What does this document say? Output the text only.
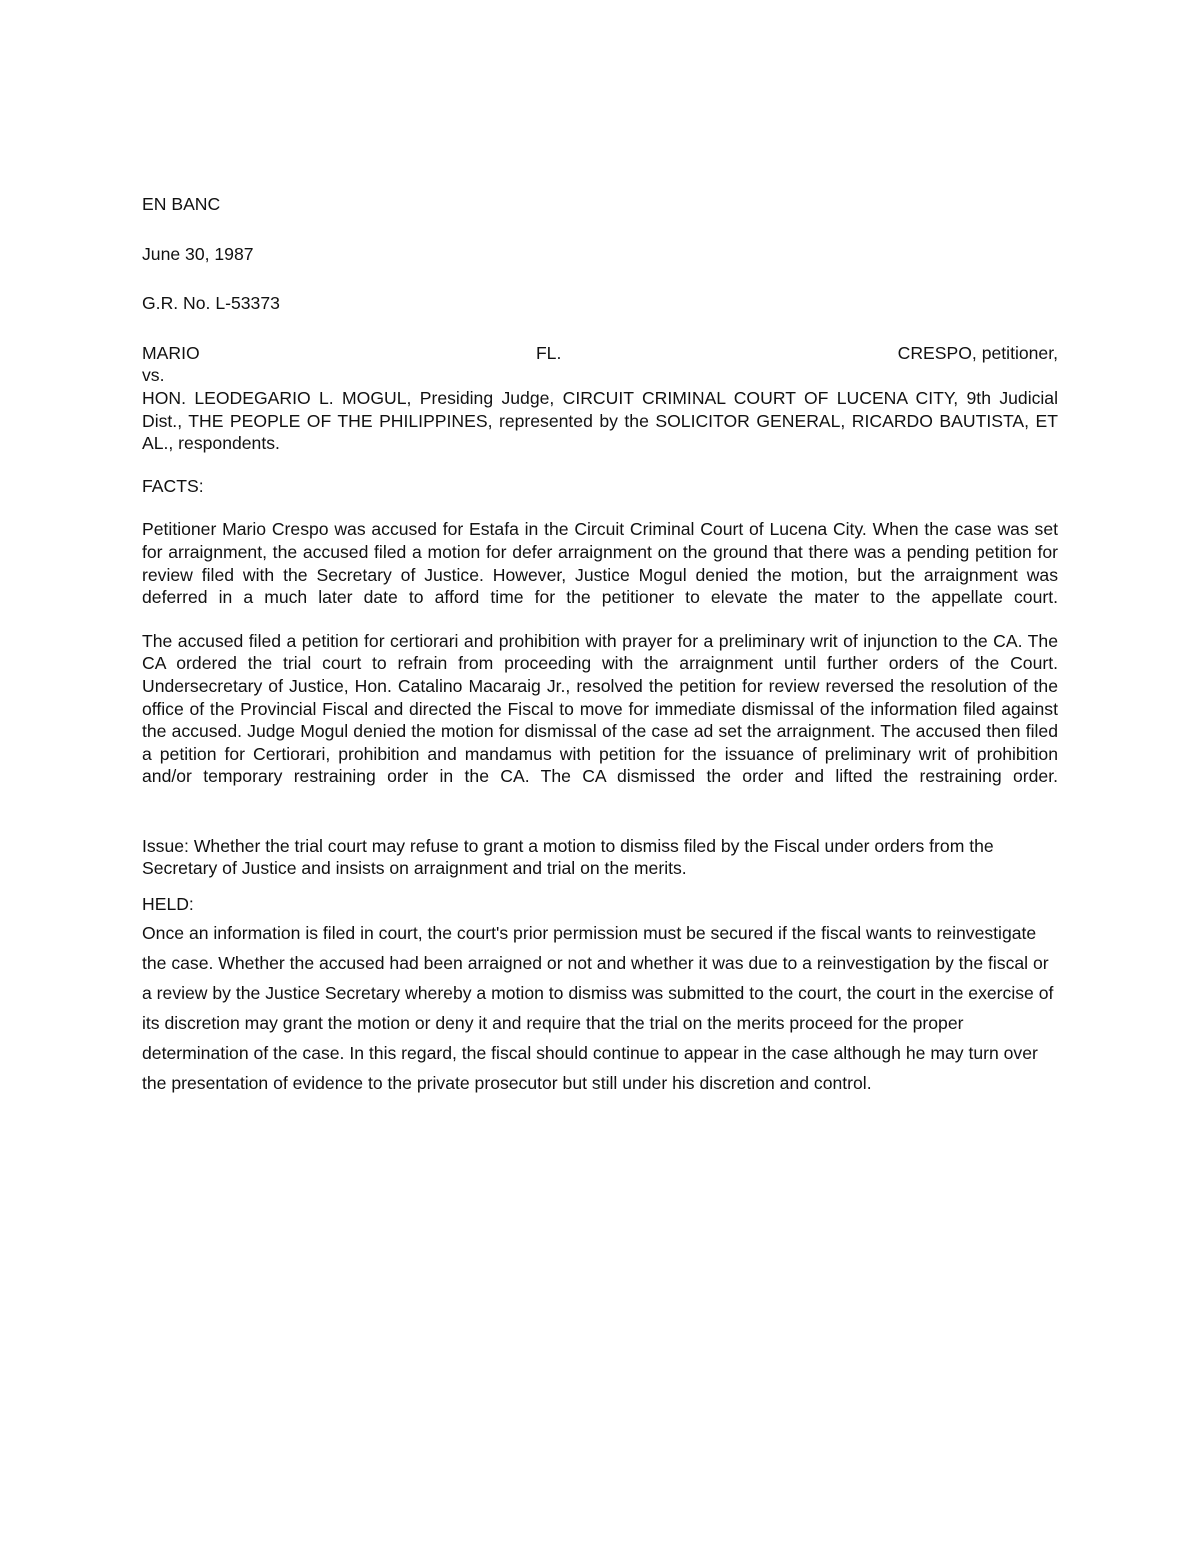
EN BANC

June 30, 1987

G.R. No. L-53373

MARIO	FL.	CRESPO, petitioner,

vs.

HON. LEODEGARIO L. MOGUL, Presiding Judge, CIRCUIT CRIMINAL COURT OF LUCENA CITY, 9th Judicial Dist., THE PEOPLE OF THE PHILIPPINES, represented by the SOLICITOR GENERAL, RICARDO BAUTISTA, ET AL., respondents.

FACTS:

Petitioner Mario Crespo was accused for Estafa in the Circuit Criminal Court of Lucena City. When the case was set for arraignment, the accused filed a motion for defer arraignment on the ground that there was a pending petition for review filed with the Secretary of Justice. However, Justice Mogul denied the motion, but the arraignment was deferred in a much later date to afford time for the petitioner to elevate the mater to the appellate court.

The accused filed a petition for certiorari and prohibition with prayer for a preliminary writ of injunction to the CA. The CA ordered the trial court to refrain from proceeding with the arraignment until further orders of the Court. Undersecretary of Justice, Hon. Catalino Macaraig Jr., resolved the petition for review reversed the resolution of the office of the Provincial Fiscal and directed the Fiscal to move for immediate dismissal of the information filed against the accused. Judge Mogul denied the motion for dismissal of the case ad set the arraignment. The accused then filed a petition for Certiorari, prohibition and mandamus with petition for the issuance of preliminary writ of prohibition and/or temporary restraining order in the CA. The CA dismissed the order and lifted the restraining order.

Issue: Whether the trial court may refuse to grant a motion to dismiss filed by the Fiscal under orders from the Secretary of Justice and insists on arraignment and trial on the merits.

HELD:

Once an information is filed in court, the court's prior permission must be secured if the fiscal wants to reinvestigate the case. Whether the accused had been arraigned or not and whether it was due to a reinvestigation by the fiscal or a review by the Justice Secretary whereby a motion to dismiss was submitted to the court, the court in the exercise of its discretion may grant the motion or deny it and require that the trial on the merits proceed for the proper determination of the case. In this regard, the fiscal should continue to appear in the case although he may turn over the presentation of evidence to the private prosecutor but still under his discretion and control.
